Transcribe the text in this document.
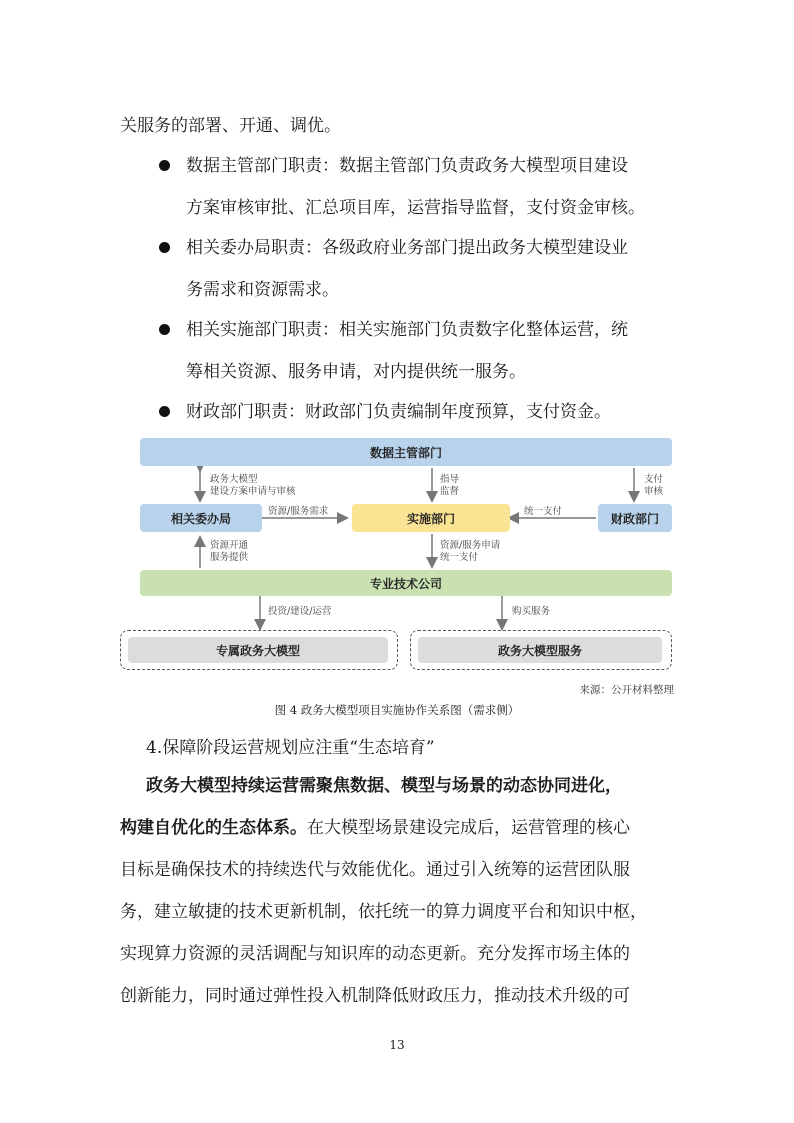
关服务的部署、开通、调优。
数据主管部门职责：数据主管部门负责政务大模型项目建设
方案审核审批、汇总项目库，运营指导监督，支付资金审核。
相关委办局职责：各级政府业务部门提出政务大模型建设业
务需求和资源需求。
相关实施部门职责：相关实施部门负责数字化整体运营，统
筹相关资源、服务申请，对内提供统一服务。
财政部门职责：财政部门负责编制年度预算，支付资金。
数据主管部门
相关委办局	实施部门	财政部门
专业技术公司
专属政务大模型	政务大模型服务
政务大模型
建设方案申请与审核
指导
监督
支付
审核
资源/服务需求	统一支付
资源开通
服务提供
资源/服务申请
统一支付
投资/建设/运营	购买服务
来源：公开材料整理
图 4 政务大模型项目实施协作关系图（需求侧）
4.保障阶段运营规划应注重“生态培育”
政务大模型持续运营需聚焦数据、模型与场景的动态协同进化，
构建自优化的生态体系。在大模型场景建设完成后，运营管理的核心
目标是确保技术的持续迭代与效能优化。通过引入统筹的运营团队服
务，建立敏捷的技术更新机制，依托统一的算力调度平台和知识中枢，
实现算力资源的灵活调配与知识库的动态更新。充分发挥市场主体的
创新能力，同时通过弹性投入机制降低财政压力，推动技术升级的可
13
